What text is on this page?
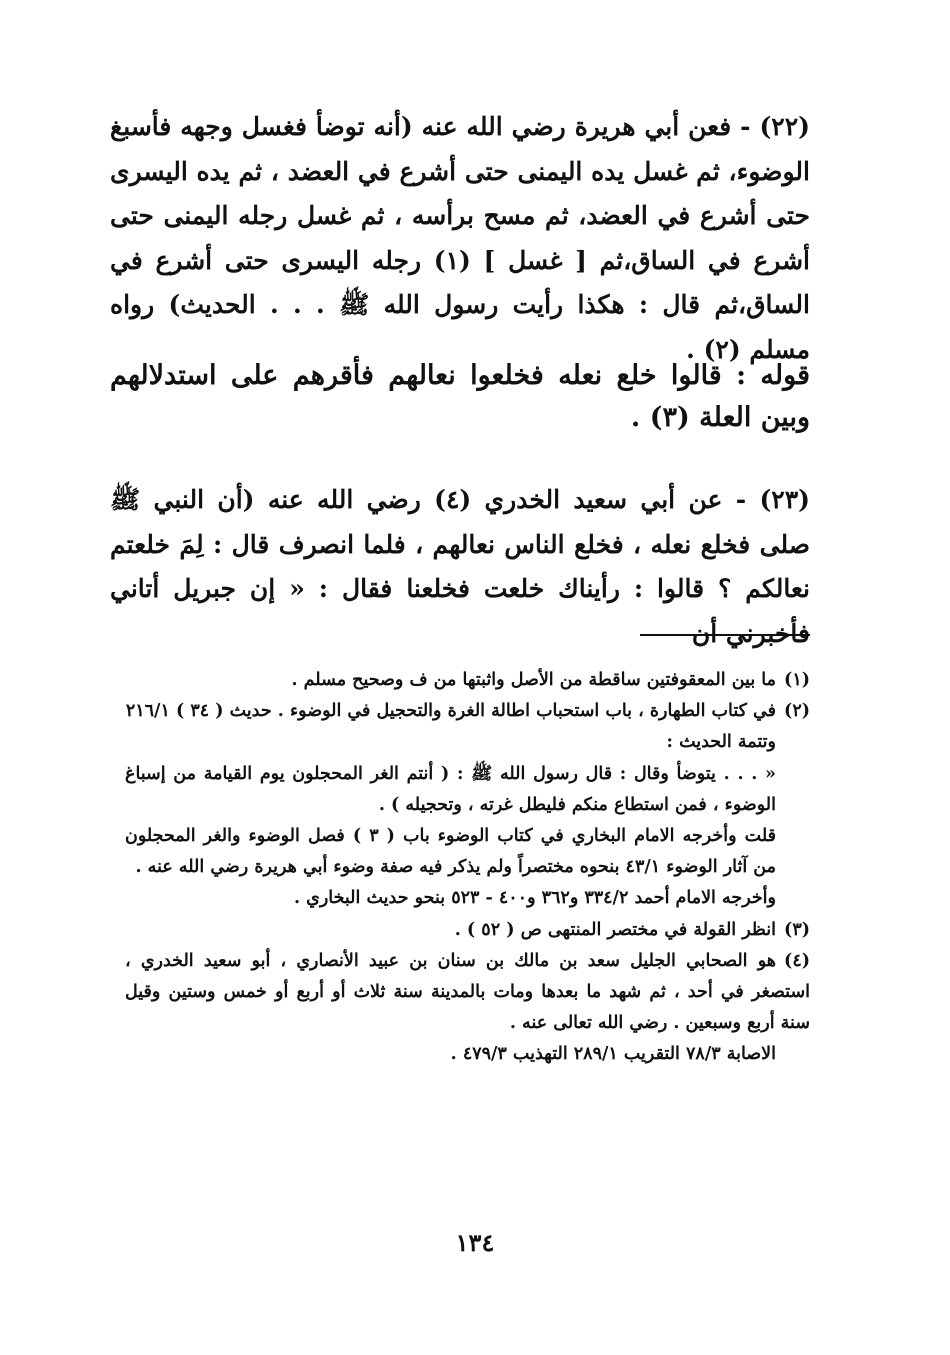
(٢٢) - فعن أبي هريرة رضي الله عنه (أنه توضأ فغسل وجهه فأسبغ الوضوء، ثم غسل يده اليمنى حتى أشرع في العضد ، ثم يده اليسرى حتى أشرع في العضد، ثم مسح برأسه ، ثم غسل رجله اليمنى حتى أشرع في الساق،ثم [ غسل ] (١) رجله اليسرى حتى أشرع في الساق،ثم قال : هكذا رأيت رسول الله ﷺ . . . الحديث) رواه مسلم (٢) .

قوله : قالوا خلع نعله فخلعوا نعالهم فأقرهم على استدلالهم وبين العلة (٣) .

(٢٣) - عن أبي سعيد الخدري (٤) رضي الله عنه (أن النبي ﷺ صلى فخلع نعله ، فخلع الناس نعالهم ، فلما انصرف قال : لِمَ خلعتم نعالكم ؟ قالوا : رأيناك خلعت فخلعنا فقال : « إن جبريل أتاني فأخبرني أن

(١)ما بين المعقوفتين ساقطة من الأصل واثبتها من ف وصحيح مسلم .

(٢)في كتاب الطهارة ، باب استحباب اطالة الغرة والتحجيل في الوضوء . حديث ( ٣٤ ) ٢١٦/١

وتتمة الحديث :

« . . . يتوضأ وقال : قال رسول الله ﷺ : ( أنتم الغر المحجلون يوم القيامة من إسباغ الوضوء ، فمن استطاع منكم فليطل غرته ، وتحجيله ) .

قلت وأخرجه الامام البخاري في كتاب الوضوء باب ( ٣ ) فصل الوضوء والغر المحجلون من آثار الوضوء ٤٣/١ بنحوه مختصراً ولم يذكر فيه صفة وضوء أبي هريرة رضي الله عنه .

وأخرجه الامام أحمد ٣٣٤/٢ و٣٦٢ و٤٠٠ - ٥٢٣ بنحو حديث البخاري .

(٣)انظر القولة في مختصر المنتهى ص ( ٥٢ ) .

(٤)هو الصحابي الجليل سعد بن مالك بن سنان بن عبيد الأنصاري ، أبو سعيد الخدري ، استصغر في أحد ، ثم شهد ما بعدها ومات بالمدينة سنة ثلاث أو أربع أو خمس وستين وقيل سنة أربع وسبعين . رضي الله تعالى عنه .

الاصابة ٧٨/٣ التقريب ٢٨٩/١ التهذيب ٤٧٩/٣ .

١٣٤
